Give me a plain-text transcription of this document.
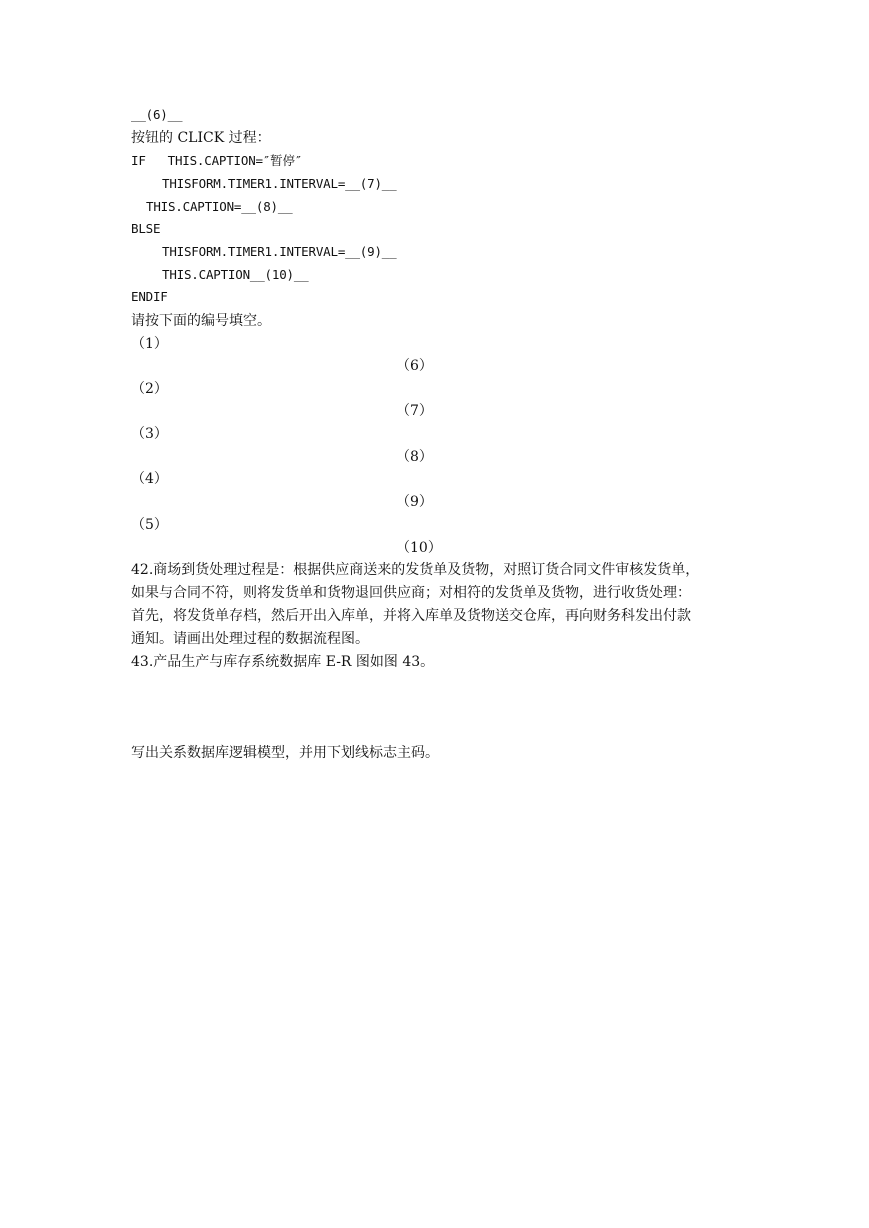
__(6)__
按钮的 CLICK 过程：
IF   THIS.CAPTION=″暂停″
THISFORM.TIMER1.INTERVAL=__(7)__
THIS.CAPTION=__(8)__
BLSE
THISFORM.TIMER1.INTERVAL=__(9)__
THIS.CAPTION__(10)__
ENDIF
请按下面的编号填空。
（1）
（6）
（2）
（7）
（3）
（8）
（4）
（9）
（5）
（10）
42.商场到货处理过程是：根据供应商送来的发货单及货物，对照订货合同文件审核发货单，
如果与合同不符，则将发货单和货物退回供应商；对相符的发货单及货物，进行收货处理：
首先，将发货单存档，然后开出入库单，并将入库单及货物送交仓库，再向财务科发出付款
通知。请画出处理过程的数据流程图。
43.产品生产与库存系统数据库 E-R 图如图 43。
写出关系数据库逻辑模型，并用下划线标志主码。
